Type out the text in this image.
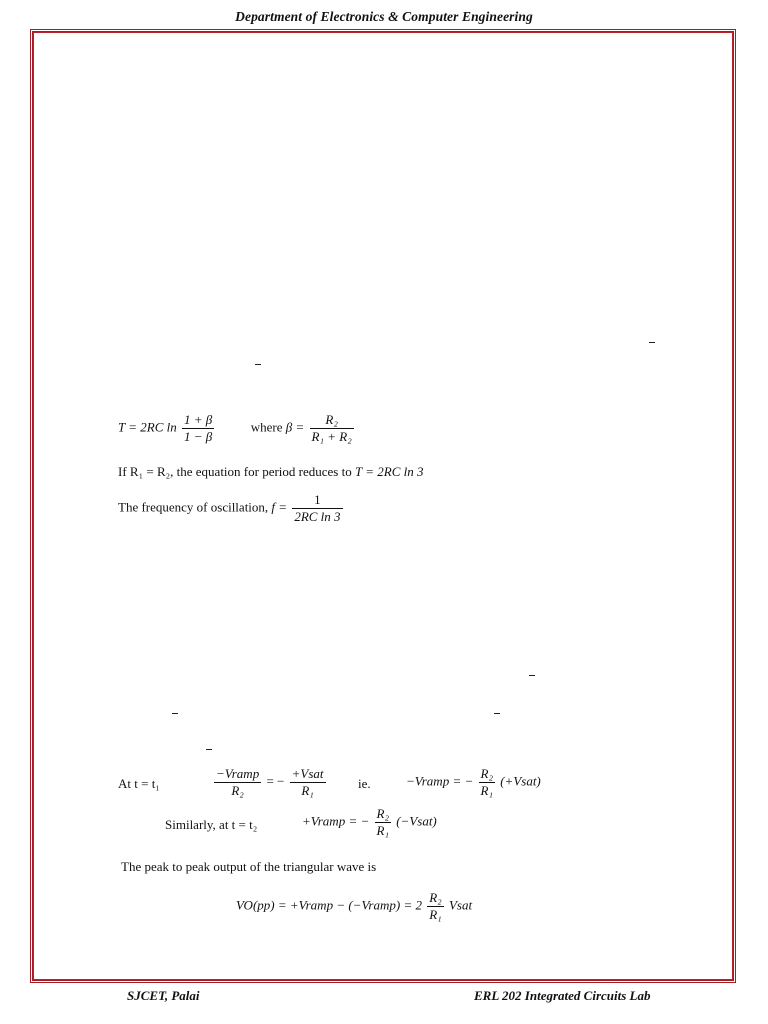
Department of Electronics & Computer Engineering
T = 2RC $\ln \frac{1 + \beta}{1 - \beta}$	where $\beta = \frac{\text{R₂}}{\text{R₁ + R₂}}$
If R₁ = R₂, the equation for period reduces to T = 2RC ln 3
The frequency of oscillation, $f = \frac{1}{\text{2RC ln 3}}$
At t = t₁	$\frac{\text{−Vramp}}{\text{R₂}}$ = − $\frac{\text{+Vsat}}{\text{R₁}}$ ie.	−Vramp = − $\frac{\text{R₂}}{\text{R₁}}$ (+Vsat)
Similarly, at t = t₂	+Vramp = − $\frac{\text{R₂}}{\text{R₁}}$ (−Vsat)
The peak to peak output of the triangular wave is
VO(pp) = +Vramp − (−Vramp) = $2 \frac{\text{R₂}}{\text{R₁}}$ Vsat
SJCET, Palai	ERL 202 Integrated Circuits Lab
